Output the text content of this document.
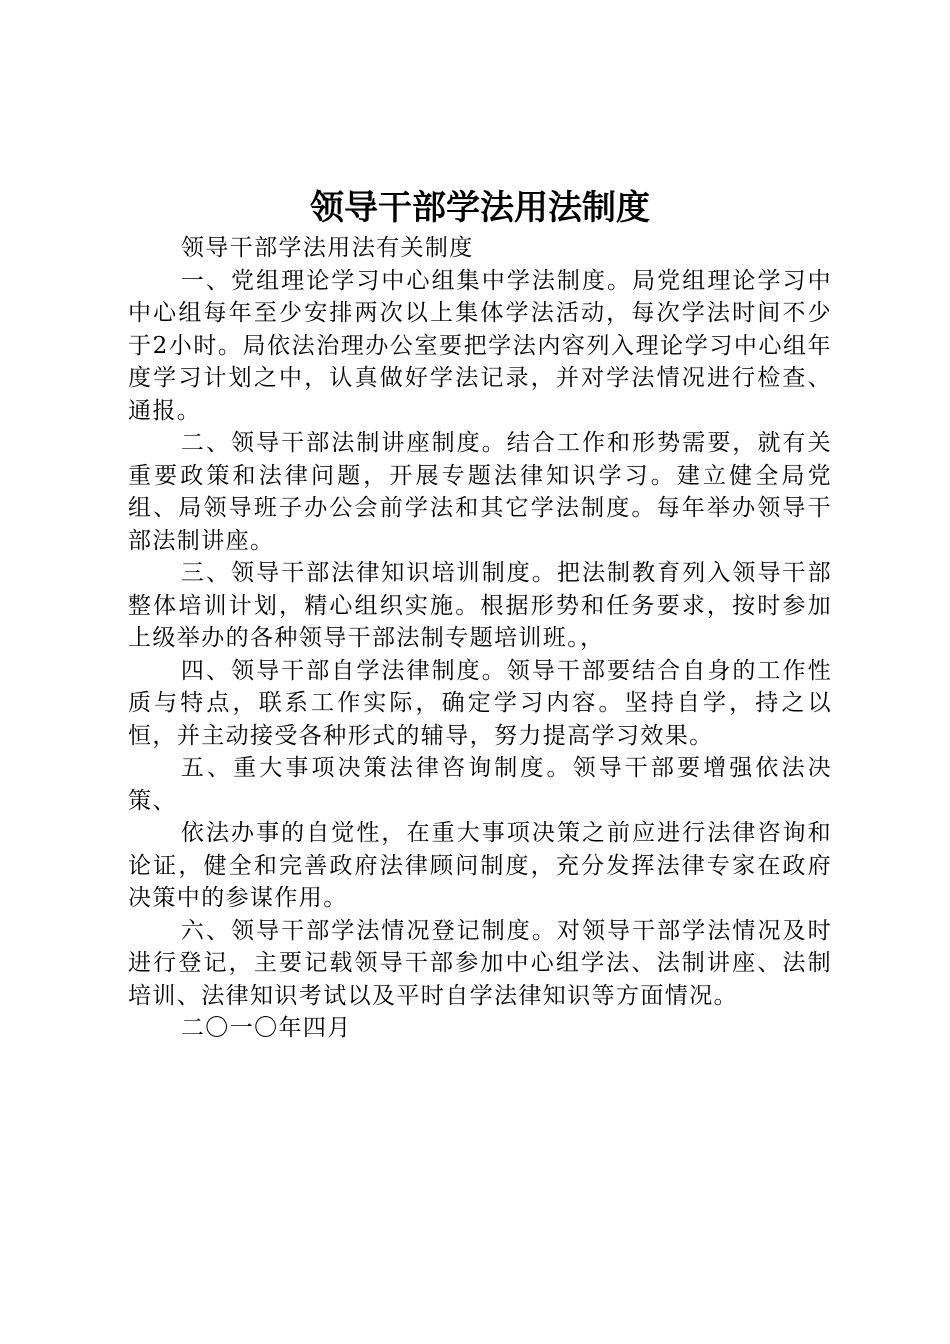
领导干部学法用法制度

领导干部学法用法有关制度

一、党组理论学习中心组集中学法制度。局党组理论学习中中心组每年至少安排两次以上集体学法活动，每次学法时间不少于2小时。局依法治理办公室要把学法内容列入理论学习中心组年度学习计划之中，认真做好学法记录，并对学法情况进行检查、通报。

二、领导干部法制讲座制度。结合工作和形势需要，就有关重要政策和法律问题，开展专题法律知识学习。建立健全局党组、局领导班子办公会前学法和其它学法制度。每年举办领导干部法制讲座。

三、领导干部法律知识培训制度。把法制教育列入领导干部整体培训计划，精心组织实施。根据形势和任务要求，按时参加上级举办的各种领导干部法制专题培训班。，

四、领导干部自学法律制度。领导干部要结合自身的工作性质与特点，联系工作实际，确定学习内容。坚持自学，持之以恒，并主动接受各种形式的辅导，努力提高学习效果。

五、重大事项决策法律咨询制度。领导干部要增强依法决策、

依法办事的自觉性，在重大事项决策之前应进行法律咨询和论证，健全和完善政府法律顾问制度，充分发挥法律专家在政府决策中的参谋作用。

六、领导干部学法情况登记制度。对领导干部学法情况及时进行登记，主要记载领导干部参加中心组学法、法制讲座、法制培训、法律知识考试以及平时自学法律知识等方面情况。

二〇一〇年四月
